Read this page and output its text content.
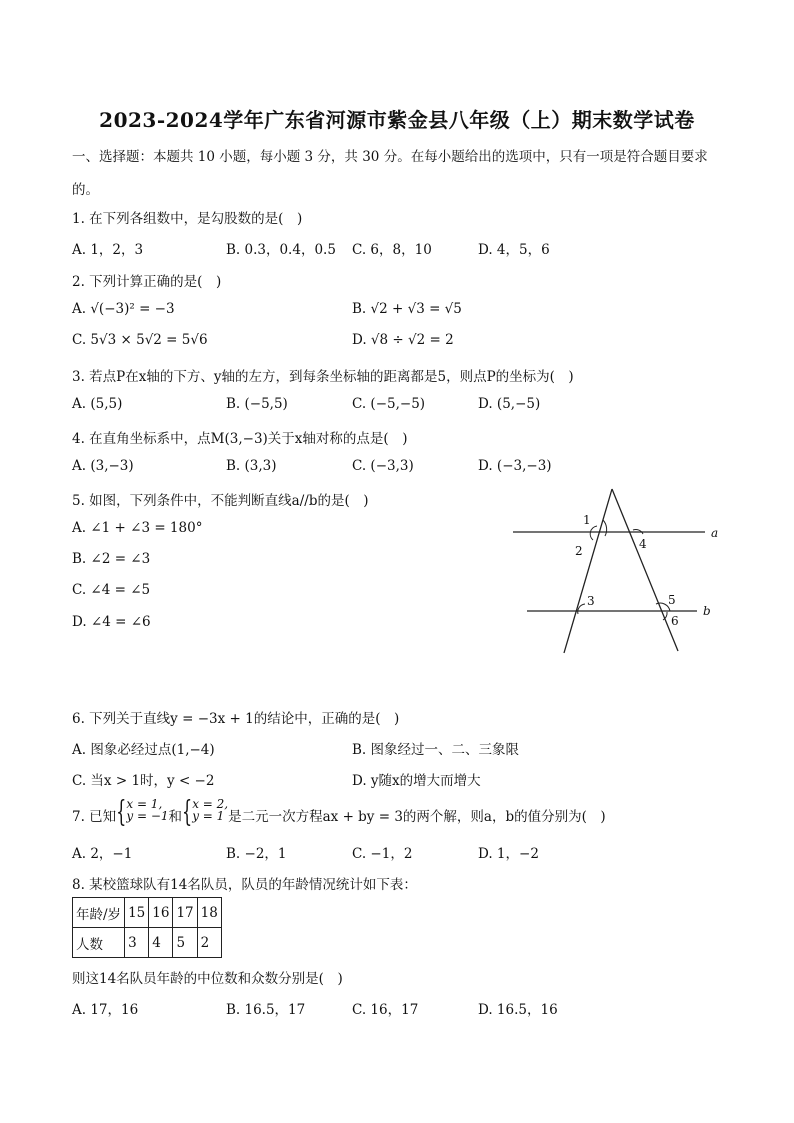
2023-2024学年广东省河源市紫金县八年级（上）期末数学试卷
一、选择题：本题共 10 小题，每小题 3 分，共 30 分。在每小题给出的选项中，只有一项是符合题目要求
的。
1. 在下列各组数中，是勾股数的是(　)
A. 1，2，3	B. 0.3，0.4，0.5 C. 6，8，10	D. 4，5，6
2. 下列计算正确的是(　)
A. √(−3)² = −3	B. √2 + √3 = √5
C. 5√3 × 5√2 = 5√6	D. √8 ÷ √2 = 2
3. 若点P在x轴的下方、y轴的左方，到每条坐标轴的距离都是5，则点P的坐标为(　)
A. (5,5)	B. (−5,5)	C. (−5,−5)	D. (5,−5)
4. 在直角坐标系中，点M(3,−3)关于x轴对称的点是(　)
A. (3,−3)	B. (3,3)	C. (−3,3)	D. (−3,−3)
5. 如图，下列条件中，不能判断直线a//b的是(　)
A. ∠1 + ∠3 = 180°
B. ∠2 = ∠3
C. ∠4 = ∠5
D. ∠4 = ∠6
1
2	4
3	5
6
a
b
6. 下列关于直线y = −3x + 1的结论中，正确的是(　)
A. 图象必经过点(1,−4)	B. 图象经过一、二、三象限
C. 当x > 1时，y < −2	D. y随x的增大而增大
7. 已知{ x = 1,
y = −1 和{ x = 2,
y = 1 是二元一次方程ax + by = 3的两个解，则a，b的值分别为(　)
A. 2，−1	B. −2，1	C. −1，2	D. 1，−2
8. 某校篮球队有14名队员，队员的年龄情况统计如下表：
年龄/岁	15	16	17	18
人数	3	4	5	2
则这14名队员年龄的中位数和众数分别是(　)
A. 17，16	B. 16.5，17	C. 16，17	D. 16.5，16
